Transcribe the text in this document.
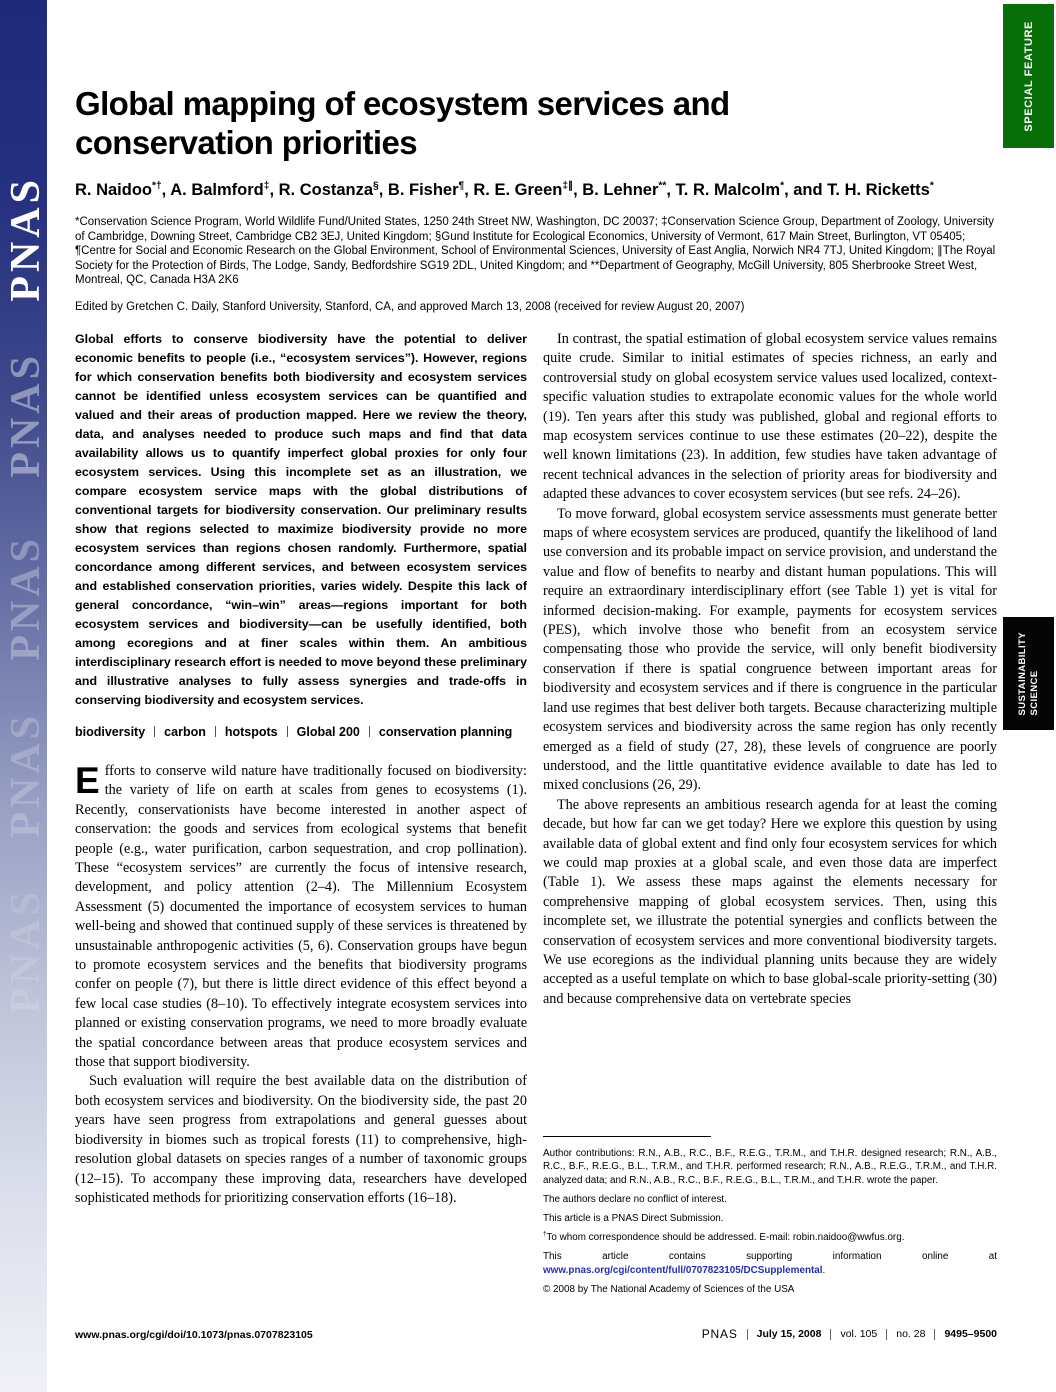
PNAS
PNAS
PNAS
PNAS
PNAS
SPECIAL FEATURE
SUSTAINABILITY SCIENCE
Global mapping of ecosystem services and
conservation priorities
R. Naidoo*†, A. Balmford‡, R. Costanza§, B. Fisher¶, R. E. Green‡∥, B. Lehner**, T. R. Malcolm*, and T. H. Ricketts*
*Conservation Science Program, World Wildlife Fund/United States, 1250 24th Street NW, Washington, DC 20037; ‡Conservation Science Group, Department of Zoology, University of Cambridge, Downing Street, Cambridge CB2 3EJ, United Kingdom; §Gund Institute for Ecological Economics, University of Vermont, 617 Main Street, Burlington, VT 05405; ¶Centre for Social and Economic Research on the Global Environment, School of Environmental Sciences, University of East Anglia, Norwich NR4 7TJ, United Kingdom; ∥The Royal Society for the Protection of Birds, The Lodge, Sandy, Bedfordshire SG19 2DL, United Kingdom; and **Department of Geography, McGill University, 805 Sherbrooke Street West, Montreal, QC, Canada H3A 2K6
Edited by Gretchen C. Daily, Stanford University, Stanford, CA, and approved March 13, 2008 (received for review August 20, 2007)
Global efforts to conserve biodiversity have the potential to deliver economic benefits to people (i.e., “ecosystem services”). However, regions for which conservation benefits both biodiversity and ecosystem services cannot be identified unless ecosystem services can be quantified and valued and their areas of production mapped. Here we review the theory, data, and analyses needed to produce such maps and find that data availability allows us to quantify imperfect global proxies for only four ecosystem services. Using this incomplete set as an illustration, we compare ecosystem service maps with the global distributions of conventional targets for biodiversity conservation. Our preliminary results show that regions selected to maximize biodiversity provide no more ecosystem services than regions chosen randomly. Furthermore, spatial concordance among different services, and between ecosystem services and established conservation priorities, varies widely. Despite this lack of general concordance, “win–win” areas—regions important for both ecosystem services and biodiversity—can be usefully identified, both among ecoregions and at finer scales within them. An ambitious interdisciplinary research effort is needed to move beyond these preliminary and illustrative analyses to fully assess synergies and trade-offs in conserving biodiversity and ecosystem services.
biodiversity carbon hotspots Global 200 conservation planning

Efforts to conserve wild nature have traditionally focused on biodiversity: the variety of life on earth at scales from genes to ecosystems (1). Recently, conservationists have become interested in another aspect of conservation: the goods and services from ecological systems that benefit people (e.g., water purification, carbon sequestration, and crop pollination). These “ecosystem services” are currently the focus of intensive research, development, and policy attention (2–4). The Millennium Ecosystem Assessment (5) documented the importance of ecosystem services to human well-being and showed that continued supply of these services is threatened by unsustainable anthropogenic activities (5, 6). Conservation groups have begun to promote ecosystem services and the benefits that biodiversity programs confer on people (7), but there is little direct evidence of this effect beyond a few local case studies (8–10). To effectively integrate ecosystem services into planned or existing conservation programs, we need to more broadly evaluate the spatial concordance between areas that produce ecosystem services and those that support biodiversity.

Such evaluation will require the best available data on the distribution of both ecosystem services and biodiversity. On the biodiversity side, the past 20 years have seen progress from extrapolations and general guesses about biodiversity in biomes such as tropical forests (11) to comprehensive, high-resolution global datasets on species ranges of a number of taxonomic groups (12–15). To accompany these improving data, researchers have developed sophisticated methods for prioritizing conservation efforts (16–18).

In contrast, the spatial estimation of global ecosystem service values remains quite crude. Similar to initial estimates of species richness, an early and controversial study on global ecosystem service values used localized, context-specific valuation studies to extrapolate economic values for the whole world (19). Ten years after this study was published, global and regional efforts to map ecosystem services continue to use these estimates (20–22), despite the well known limitations (23). In addition, few studies have taken advantage of recent technical advances in the selection of priority areas for biodiversity and adapted these advances to cover ecosystem services (but see refs. 24–26).

To move forward, global ecosystem service assessments must generate better maps of where ecosystem services are produced, quantify the likelihood of land use conversion and its probable impact on service provision, and understand the value and flow of benefits to nearby and distant human populations. This will require an extraordinary interdisciplinary effort (see Table 1) yet is vital for informed decision-making. For example, payments for ecosystem services (PES), which involve those who benefit from an ecosystem service compensating those who provide the service, will only benefit biodiversity conservation if there is spatial congruence between important areas for biodiversity and ecosystem services and if there is congruence in the particular land use regimes that best deliver both targets. Because characterizing multiple ecosystem services and biodiversity across the same region has only recently emerged as a field of study (27, 28), these levels of congruence are poorly understood, and the little quantitative evidence available to date has led to mixed conclusions (26, 29).

The above represents an ambitious research agenda for at least the coming decade, but how far can we get today? Here we explore this question by using available data of global extent and find only four ecosystem services for which we could map proxies at a global scale, and even those data are imperfect (Table 1). We assess these maps against the elements necessary for comprehensive mapping of global ecosystem services. Then, using this incomplete set, we illustrate the potential synergies and conflicts between the conservation of ecosystem services and more conventional biodiversity targets. We use ecoregions as the individual planning units because they are widely accepted as a useful template on which to base global-scale priority-setting (30) and because comprehensive data on vertebrate species

Author contributions: R.N., A.B., R.C., B.F., R.E.G., T.R.M., and T.H.R. designed research; R.N., A.B., R.C., B.F., R.E.G., B.L., T.R.M., and T.H.R. performed research; R.N., A.B., R.E.G., T.R.M., and T.H.R. analyzed data; and R.N., A.B., R.C., B.F., R.E.G., B.L., T.R.M., and T.H.R. wrote the paper.

The authors declare no conflict of interest.

This article is a PNAS Direct Submission.

†To whom correspondence should be addressed. E-mail: robin.naidoo@wwfus.org.

This article contains supporting information online at www.pnas.org/cgi/content/full/0707823105/DCSupplemental.

© 2008 by The National Academy of Sciences of the USA

www.pnas.org/cgi/doi/10.1073/pnas.0707823105	PNAS July 15, 2008 vol. 105 no. 28 9495–9500
